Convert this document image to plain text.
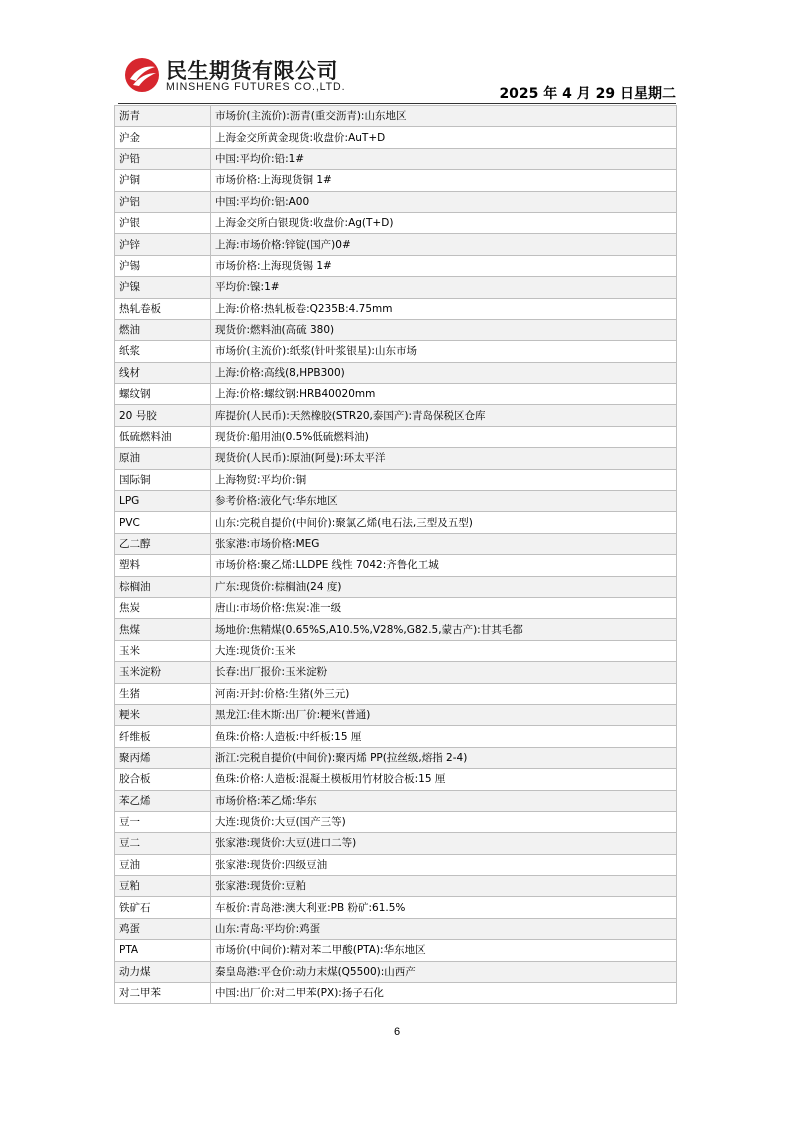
民生期货有限公司
MINSHENG FUTURES CO.,LTD.	2025 年 4 月 29 日星期二
沥青	市场价(主流价):沥青(重交沥青):山东地区
沪金	上海金交所黄金现货:收盘价:AuT+D
沪铅	中国:平均价:铅:1#
沪铜	市场价格:上海现货铜 1#
沪铝	中国:平均价:铝:A00
沪银	上海金交所白银现货:收盘价:Ag(T+D)
沪锌	上海:市场价格:锌锭(国产)0#
沪锡	市场价格:上海现货锡 1#
沪镍	平均价:镍:1#
热轧卷板	上海:价格:热轧板卷:Q235B:4.75mm
燃油	现货价:燃料油(高硫 380)
纸浆	市场价(主流价):纸浆(针叶浆银星):山东市场
线材	上海:价格:高线(8,HPB300)
螺纹钢	上海:价格:螺纹钢:HRB40020mm
20 号胶	库提价(人民币):天然橡胶(STR20,泰国产):青岛保税区仓库
低硫燃料油	现货价:船用油(0.5%低硫燃料油)
原油	现货价(人民币):原油(阿曼):环太平洋
国际铜	上海物贸:平均价:铜
LPG	参考价格:液化气:华东地区
PVC	山东:完税自提价(中间价):聚氯乙烯(电石法,三型及五型)
乙二醇	张家港:市场价格:MEG
塑料	市场价格:聚乙烯:LLDPE 线性 7042:齐鲁化工城
棕榈油	广东:现货价:棕榈油(24 度)
焦炭	唐山:市场价格:焦炭:准一级
焦煤	场地价:焦精煤(0.65%S,A10.5%,V28%,G82.5,蒙古产):甘其毛都
玉米	大连:现货价:玉米
玉米淀粉	长春:出厂报价:玉米淀粉
生猪	河南:开封:价格:生猪(外三元)
粳米	黑龙江:佳木斯:出厂价:粳米(普通)
纤维板	鱼珠:价格:人造板:中纤板:15 厘
聚丙烯	浙江:完税自提价(中间价):聚丙烯 PP(拉丝级,熔指 2-4)
胶合板	鱼珠:价格:人造板:混凝土模板用竹材胶合板:15 厘
苯乙烯	市场价格:苯乙烯:华东
豆一	大连:现货价:大豆(国产三等)
豆二	张家港:现货价:大豆(进口二等)
豆油	张家港:现货价:四级豆油
豆粕	张家港:现货价:豆粕
铁矿石	车板价:青岛港:澳大利亚:PB 粉矿:61.5%
鸡蛋	山东:青岛:平均价:鸡蛋
PTA	市场价(中间价):精对苯二甲酸(PTA):华东地区
动力煤	秦皇岛港:平仓价:动力末煤(Q5500):山西产
对二甲苯	中国:出厂价:对二甲苯(PX):扬子石化
6
